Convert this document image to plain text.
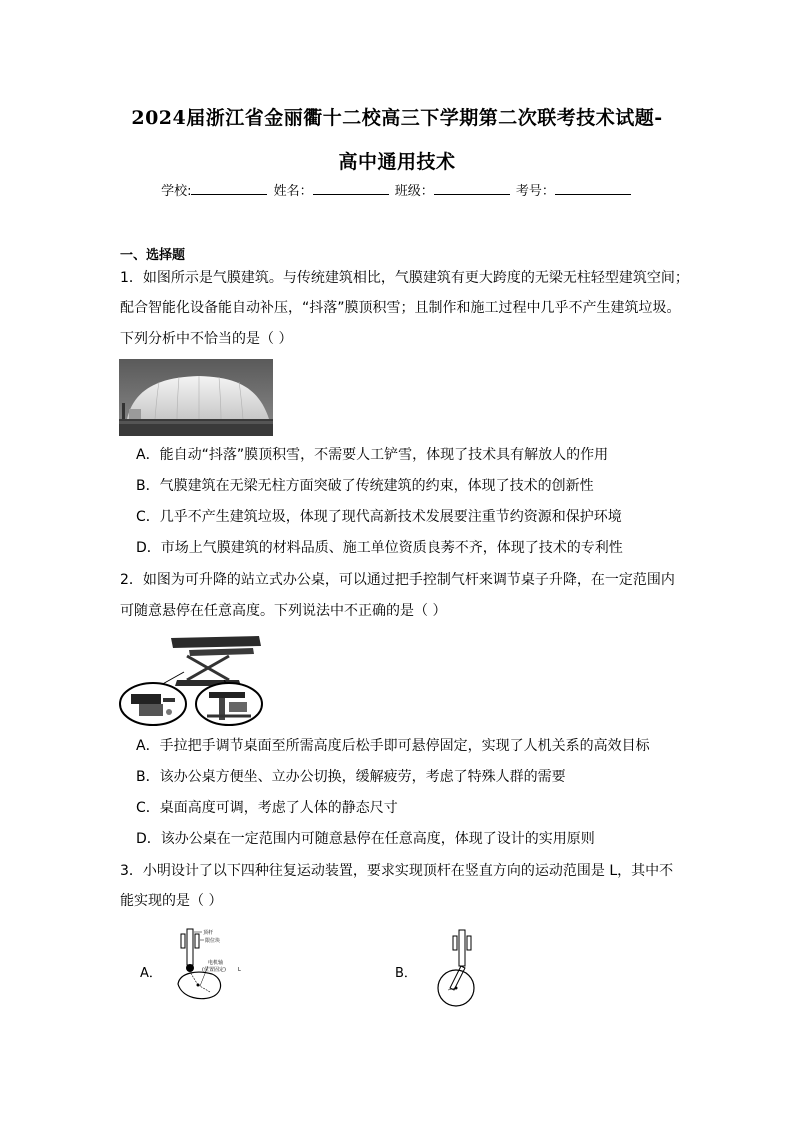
2024届浙江省金丽衢十二校高三下学期第二次联考技术试题-
高中通用技术
学校:	姓名：	班级：	考号：
一、选择题
1．如图所示是气膜建筑。与传统建筑相比，气膜建筑有更大跨度的无梁无柱轻型建筑空间；
配合智能化设备能自动补压，“抖落”膜顶积雪；且制作和施工过程中几乎不产生建筑垃圾。
下列分析中不恰当的是（ ）
A．能自动“抖落”膜顶积雪，不需要人工铲雪，体现了技术具有解放人的作用
B．气膜建筑在无梁无柱方面突破了传统建筑的约束，体现了技术的创新性
C．几乎不产生建筑垃圾，体现了现代高新技术发展要注重节约资源和保护环境
D．市场上气膜建筑的材料品质、施工单位资质良莠不齐，体现了技术的专利性
2．如图为可升降的站立式办公桌，可以通过把手控制气杆来调节桌子升降，在一定范围内
可随意悬停在任意高度。下列说法中不正确的是（ ）
A．手拉把手调节桌面至所需高度后松手即可悬停固定，实现了人机关系的高效目标
B．该办公桌方便坐、立办公切换，缓解疲劳，考虑了特殊人群的需要
C．桌面高度可调，考虑了人体的静态尺寸
D．该办公桌在一定范围内可随意悬停在任意高度，体现了设计的实用原则
3．小明设计了以下四种往复运动装置，要求实现顶杆在竖直方向的运动范围是 L，其中不
能实现的是（ ）
A．
顶杆
限位块
电机轴
(位置固定) L	B．
